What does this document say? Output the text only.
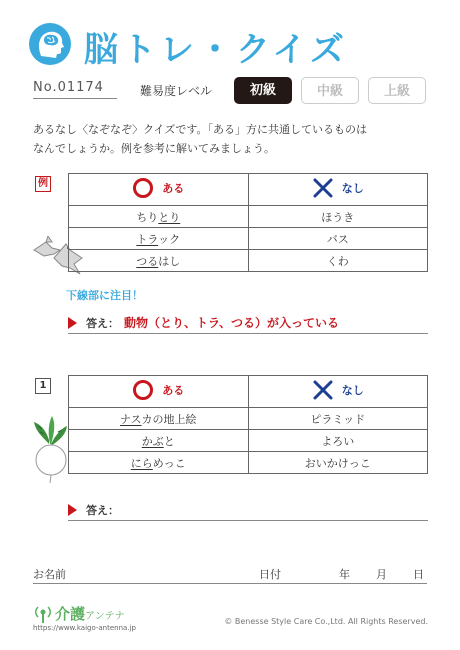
脳トレ・クイズ
No.01174	難易度レベル	初級	中級	上級
あるなし〈なぞなぞ〉クイズです。「ある」方に共通しているものは
なんでしょうか。例を参考に解いてみましょう。
例	ある	なし

ちりとり	ほうき
トラック	バス
つるはし	くわ
下線部に注目！
答え： 動物（とり、トラ、つる）が入っている
1	ある	なし

ナスカの地上絵	ピラミッド
かぶと	よろい
にらめっこ	おいかけっこ
答え：
お名前	日付	年 月 日
介護アンテナ
https://www.kaigo-antenna.jp
© Benesse Style Care Co.,Ltd. All Rights Reserved.
